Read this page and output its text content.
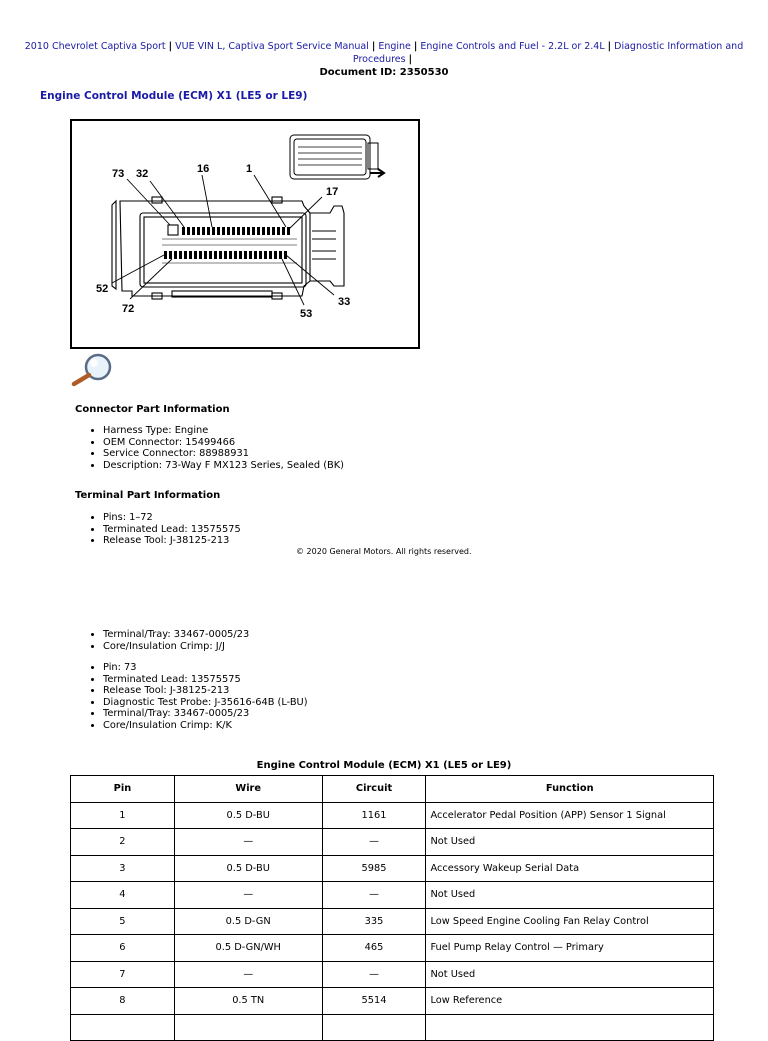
2010 Chevrolet Captiva Sport | VUE VIN L, Captiva Sport Service Manual | Engine | Engine Controls and Fuel - 2.2L or 2.4L | Diagnostic Information and Procedures |
Document ID: 2350530
Engine Control Module (ECM) X1 (LE5 or LE9)
73 32	16	1
17
52
72	53
33
Connector Part Information
• Harness Type: Engine
• OEM Connector: 15499466
• Service Connector: 88988931
• Description: 73-Way F MX123 Series, Sealed (BK)
Terminal Part Information
• Pins: 1–72
• Terminated Lead: 13575575
• Release Tool: J-38125-213
© 2020 General Motors. All rights reserved.
• Terminal/Tray: 33467-0005/23
• Core/Insulation Crimp: J/J
• Pin: 73
• Terminated Lead: 13575575
• Release Tool: J-38125-213
• Diagnostic Test Probe: J-35616-64B (L-BU)
• Terminal/Tray: 33467-0005/23
• Core/Insulation Crimp: K/K
Engine Control Module (ECM) X1 (LE5 or LE9)
Pin	Wire	Circuit	Function
1	0.5 D-BU	1161	Accelerator Pedal Position (APP) Sensor 1 Signal
2	—	—	Not Used
3	0.5 D-BU	5985	Accessory Wakeup Serial Data
4	—	—	Not Used
5	0.5 D-GN	335	Low Speed Engine Cooling Fan Relay Control
6	0.5 D-GN/WH	465	Fuel Pump Relay Control — Primary
7	—	—	Not Used
8	0.5 TN	5514	Low Reference
